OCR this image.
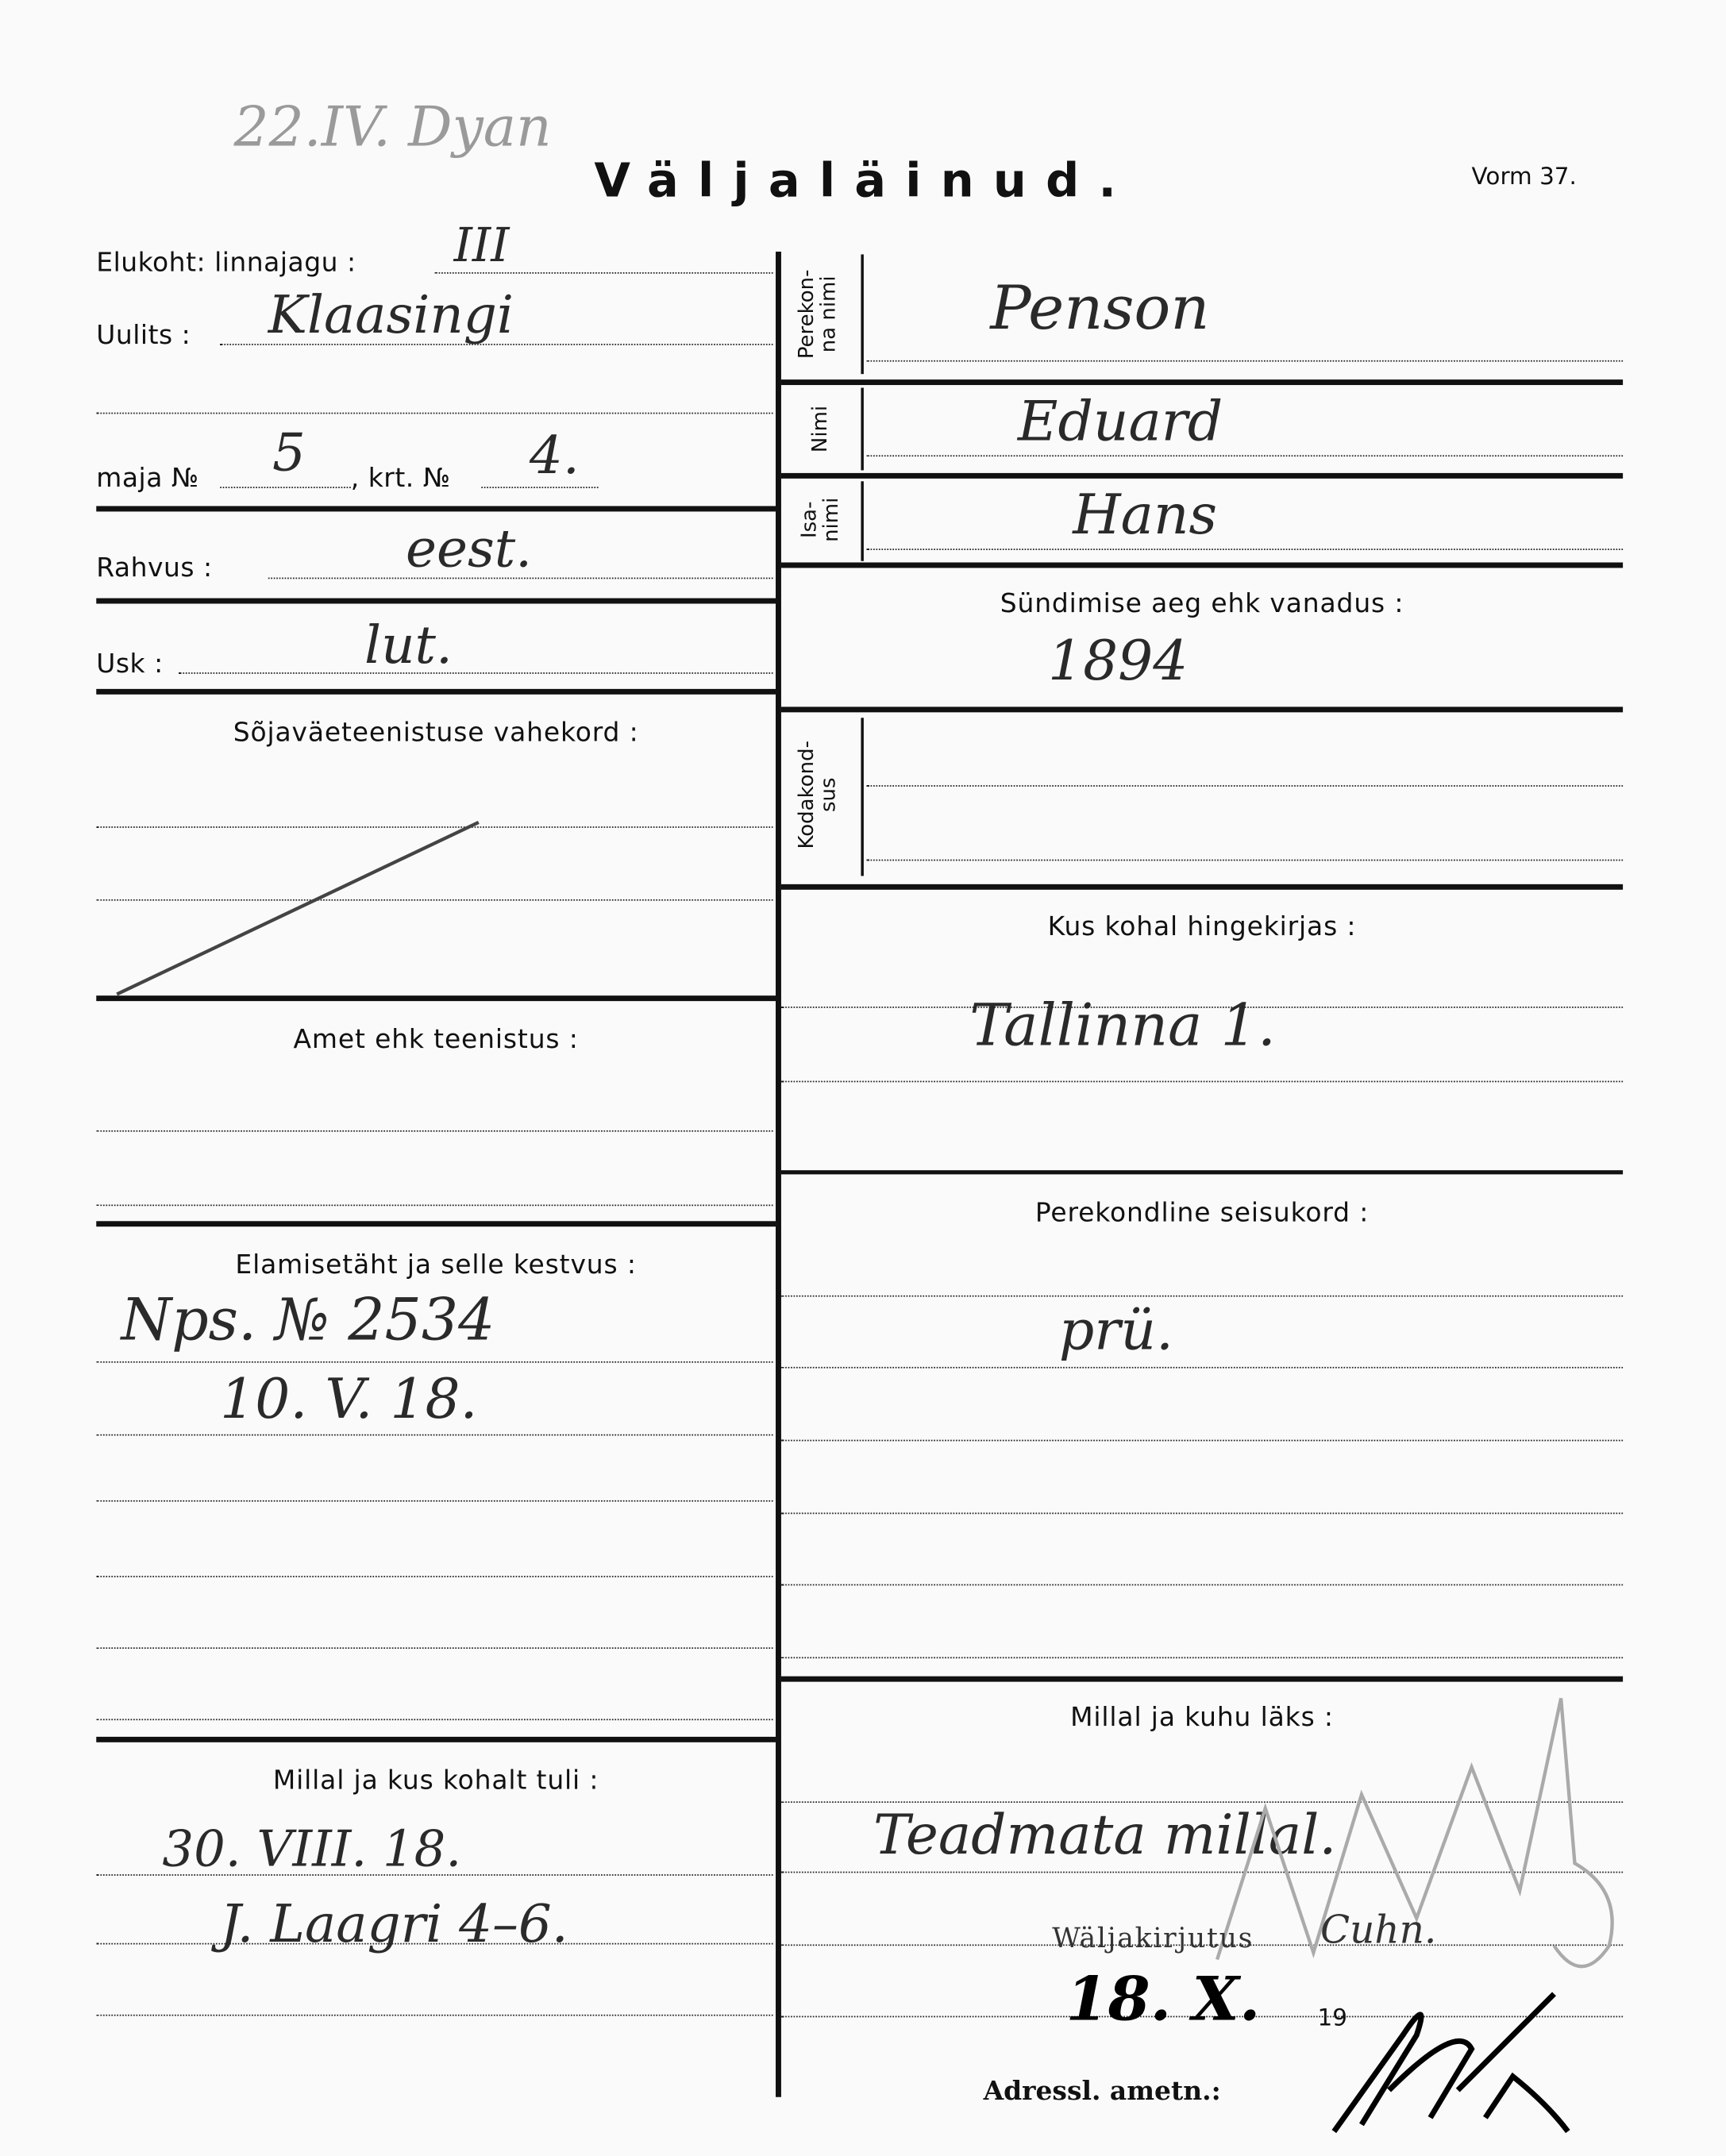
22.IV. Dyan
Väljaläinud.	Vorm 37.
Elukoht: linnajagu :	III
Uulits :	Klaasingi
maja № 5	, krt. №	4.
Rahvus :	eest.
Usk :	lut.
Sõjaväeteenistuse vahekord :
Amet ehk teenistus :
Elamisetäht ja selle kestvus :
Nps. № 2534
10. V. 18.
Millal ja kus kohalt tuli :
30. VIII. 18.
J. Laagri 4–6.
Perekon-
na nimi	Penson
Nimi	Eduard
Isa-
nimi	Hans
Sündimise aeg ehk vanadus :
1894
Kodakond-
sus
Kus kohal hingekirjas :
Tallinna 1.
Perekondline seisukord :
prü.
Millal ja kuhu läks :
Teadmata millal.
Wäljakirjutus	Cuhn.
18. X.	19
Adressl. ametn.:
